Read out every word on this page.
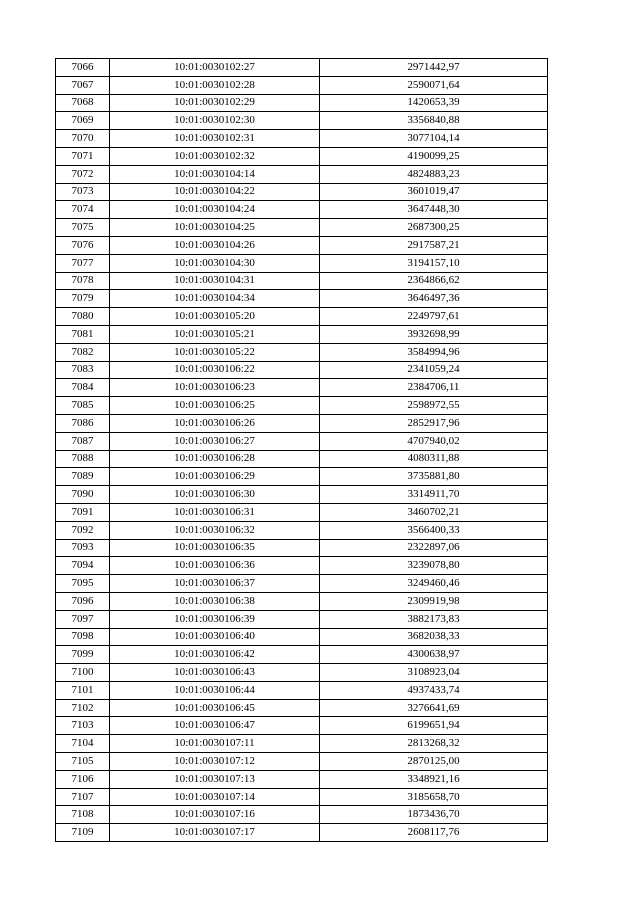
7066	10:01:0030102:27	2971442,97
7067	10:01:0030102:28	2590071,64
7068	10:01:0030102:29	1420653,39
7069	10:01:0030102:30	3356840,88
7070	10:01:0030102:31	3077104,14
7071	10:01:0030102:32	4190099,25
7072	10:01:0030104:14	4824883,23
7073	10:01:0030104:22	3601019,47
7074	10:01:0030104:24	3647448,30
7075	10:01:0030104:25	2687300,25
7076	10:01:0030104:26	2917587,21
7077	10:01:0030104:30	3194157,10
7078	10:01:0030104:31	2364866,62
7079	10:01:0030104:34	3646497,36
7080	10:01:0030105:20	2249797,61
7081	10:01:0030105:21	3932698,99
7082	10:01:0030105:22	3584994,96
7083	10:01:0030106:22	2341059,24
7084	10:01:0030106:23	2384706,11
7085	10:01:0030106:25	2598972,55
7086	10:01:0030106:26	2852917,96
7087	10:01:0030106:27	4707940,02
7088	10:01:0030106:28	4080311,88
7089	10:01:0030106:29	3735881,80
7090	10:01:0030106:30	3314911,70
7091	10:01:0030106:31	3460702,21
7092	10:01:0030106:32	3566400,33
7093	10:01:0030106:35	2322897,06
7094	10:01:0030106:36	3239078,80
7095	10:01:0030106:37	3249460,46
7096	10:01:0030106:38	2309919,98
7097	10:01:0030106:39	3882173,83
7098	10:01:0030106:40	3682038,33
7099	10:01:0030106:42	4300638,97
7100	10:01:0030106:43	3108923,04
7101	10:01:0030106:44	4937433,74
7102	10:01:0030106:45	3276641,69
7103	10:01:0030106:47	6199651,94
7104	10:01:0030107:11	2813268,32
7105	10:01:0030107:12	2870125,00
7106	10:01:0030107:13	3348921,16
7107	10:01:0030107:14	3185658,70
7108	10:01:0030107:16	1873436,70
7109	10:01:0030107:17	2608117,76
